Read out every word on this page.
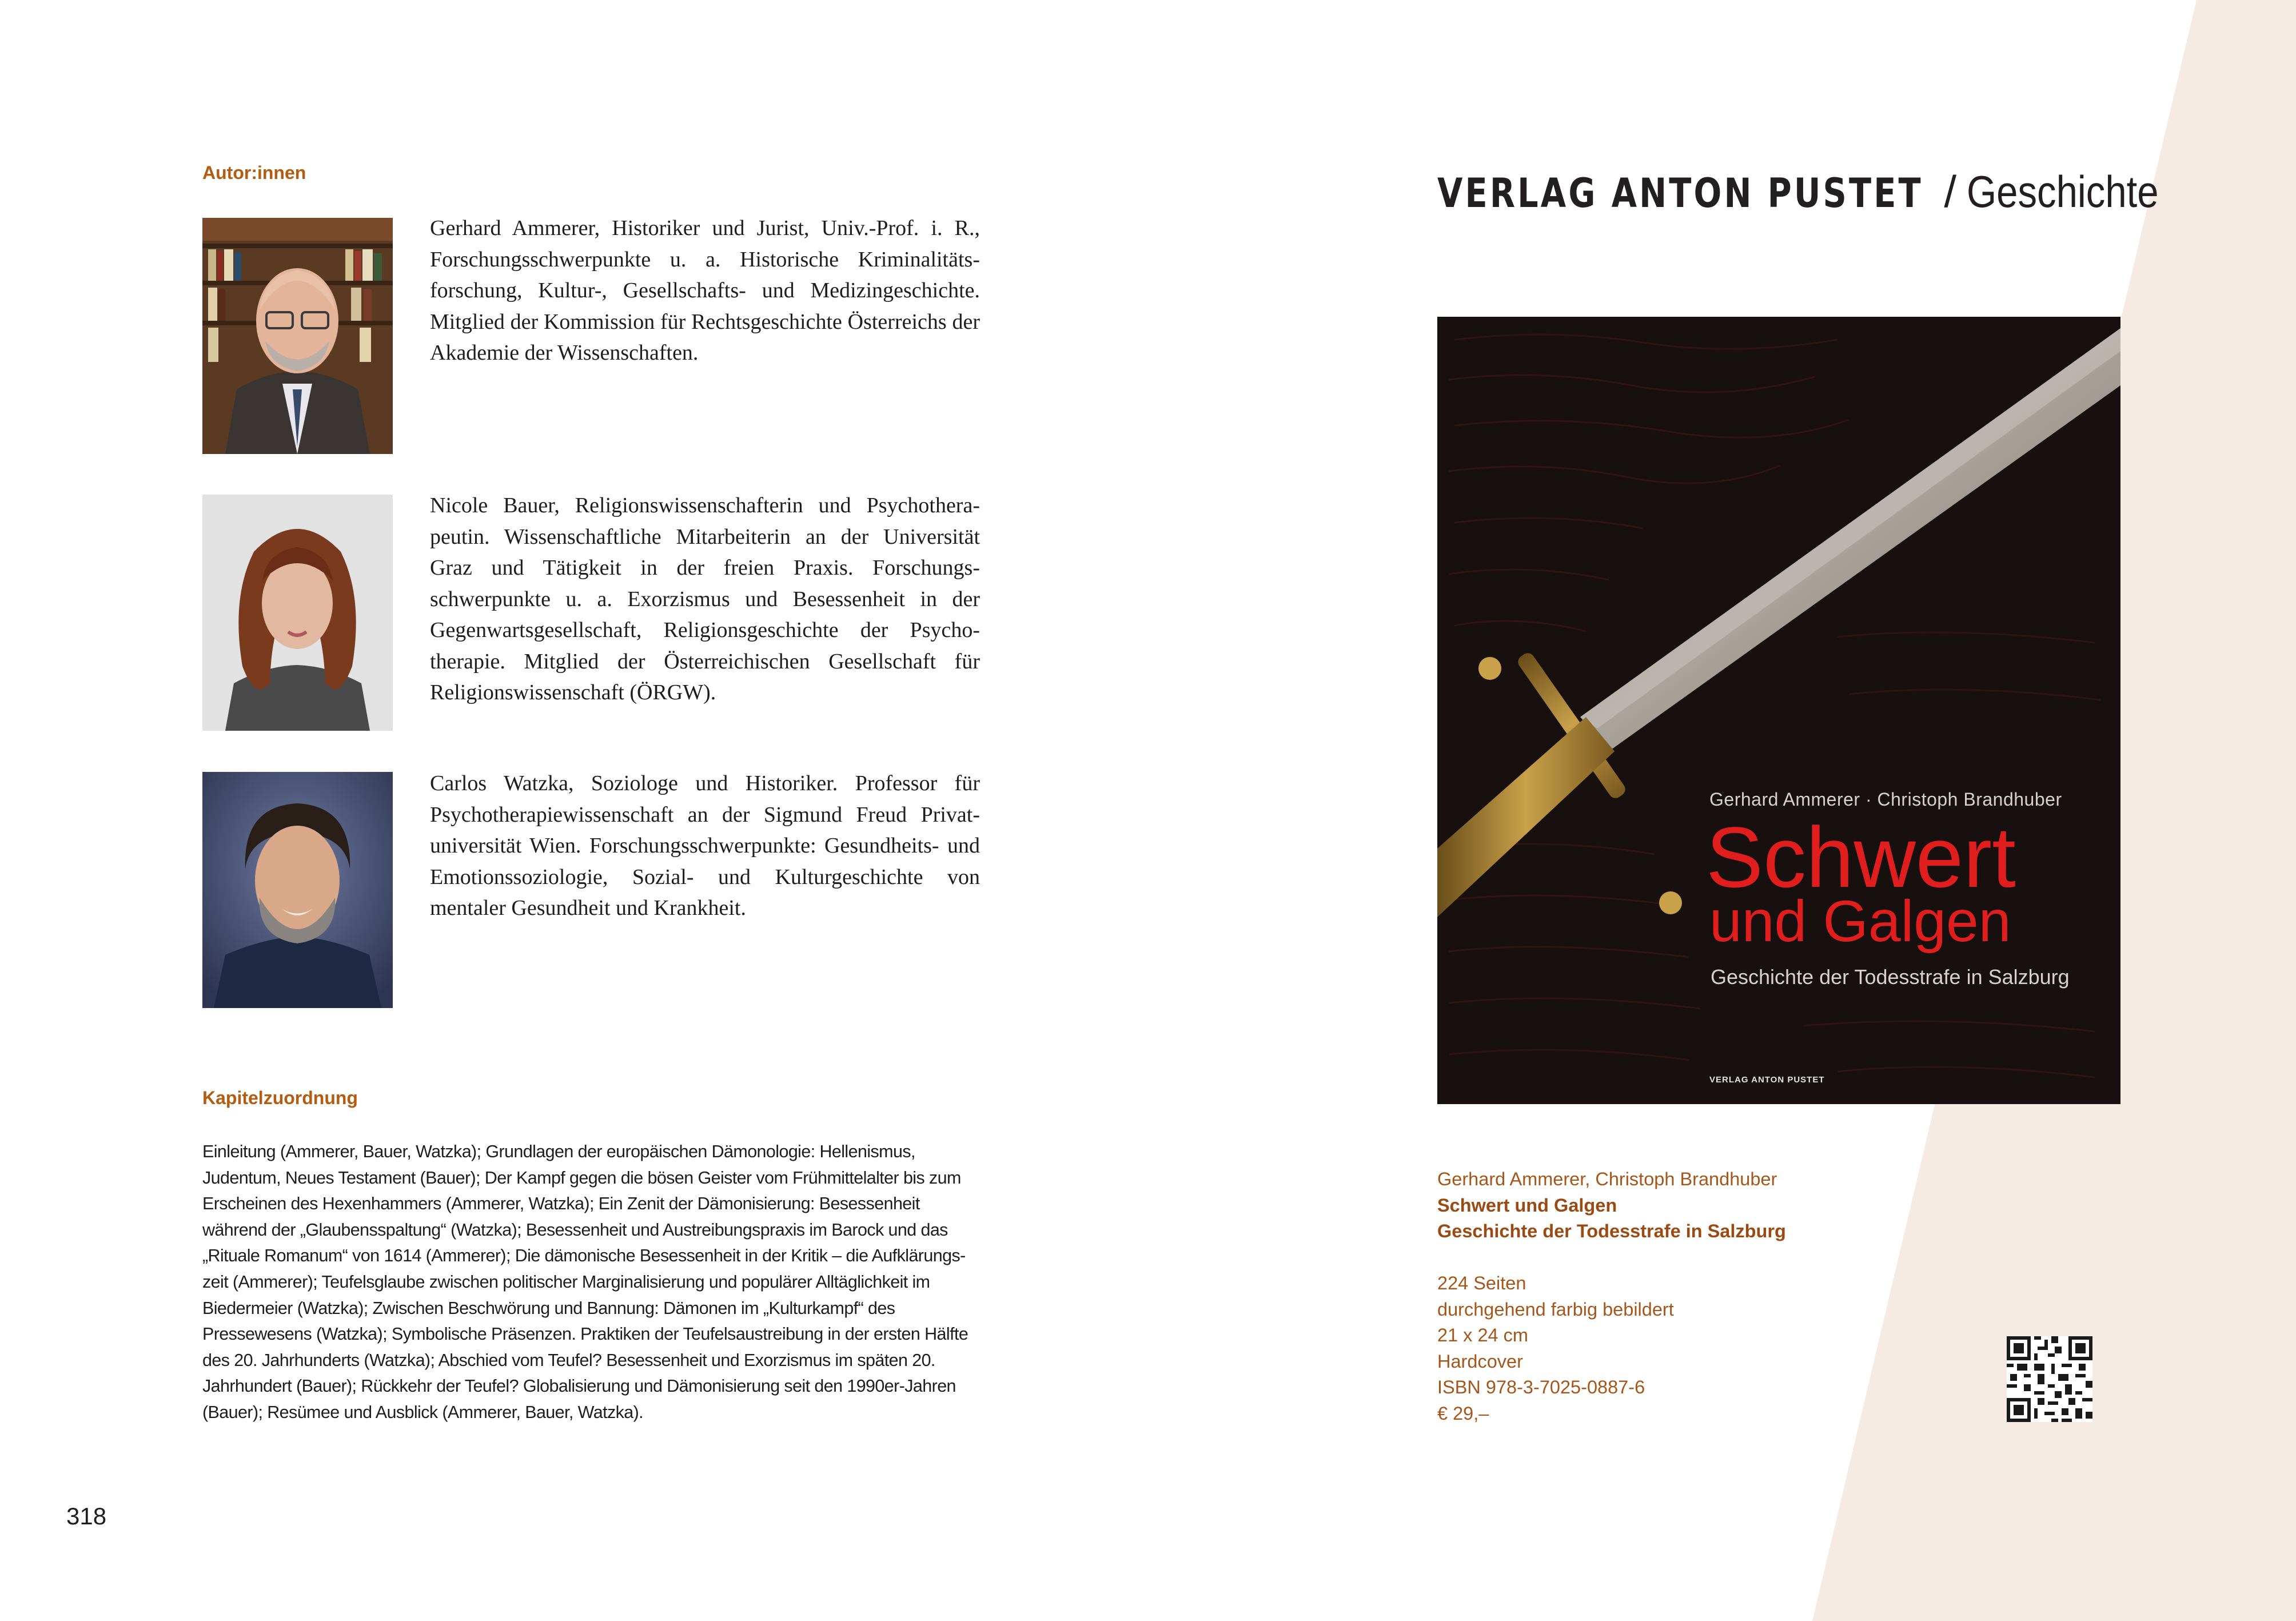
Autor:innen

Gerhard Ammerer, Historiker und Jurist, Univ.-Prof. i. R., Forschungsschwerpunkte u. a. Historische Kriminalitätsforschung, Kultur-, Gesellschafts- und Medizingeschichte. Mitglied der Kommission für Rechtsgeschichte Österreichs der Akademie der Wissenschaften.

Nicole Bauer, Religionswissenschafterin und Psychotherapeutin. Wissenschaftliche Mitarbeiterin an der Universität Graz und Tätigkeit in der freien Praxis. Forschungsschwerpunkte u. a. Exorzismus und Besessenheit in der Gegenwartsgesellschaft, Religionsgeschichte der Psychotherapie. Mitglied der Österreichischen Gesellschaft für Religionswissenschaft (ÖRGW).

Carlos Watzka, Soziologe und Historiker. Professor für Psychotherapiewissenschaft an der Sigmund Freud Privatuniversität Wien. Forschungsschwerpunkte: Gesundheits- und Emotionssoziologie, Sozial- und Kulturgeschichte von mentaler Gesundheit und Krankheit.

Kapitelzuordnung

Einleitung (Ammerer, Bauer, Watzka); Grundlagen der europäischen Dämonologie: Hellenismus, Judentum, Neues Testament (Bauer); Der Kampf gegen die bösen Geister vom Frühmittelalter bis zum Erscheinen des Hexenhammers (Ammerer, Watzka); Ein Zenit der Dämonisierung: Besessenheit während der „Glaubensspaltung“ (Watzka); Besessenheit und Austreibungspraxis im Barock und das „Rituale Romanum“ von 1614 (Ammerer); Die dämonische Besessenheit in der Kritik – die Aufklärungszeit (Ammerer); Teufelsglaube zwischen politischer Marginalisierung und populärer Alltäglichkeit im Biedermeier (Watzka); Zwischen Beschwörung und Bannung: Dämonen im „Kulturkampf“ des Pressewesens (Watzka); Symbolische Präsenzen. Praktiken der Teufelsaustreibung in der ersten Hälfte des 20. Jahrhunderts (Watzka); Abschied vom Teufel? Besessenheit und Exorzismus im späten 20. Jahrhundert (Bauer); Rückkehr der Teufel? Globalisierung und Dämonisierung seit den 1990er-Jahren (Bauer); Resümee und Ausblick (Ammerer, Bauer, Watzka).

318
VERLAG ANTON PUSTET / Geschichte
Gerhard Ammerer · Christoph Brandhuber
Schwert
und Galgen
Geschichte der Todesstrafe in Salzburg
VERLAG ANTON PUSTET
Gerhard Ammerer, Christoph Brandhuber
Schwert und Galgen
Geschichte der Todesstrafe in Salzburg
224 Seiten
durchgehend farbig bebildert
21 x 24 cm
Hardcover
ISBN 978-3-7025-0887-6
€ 29,–
